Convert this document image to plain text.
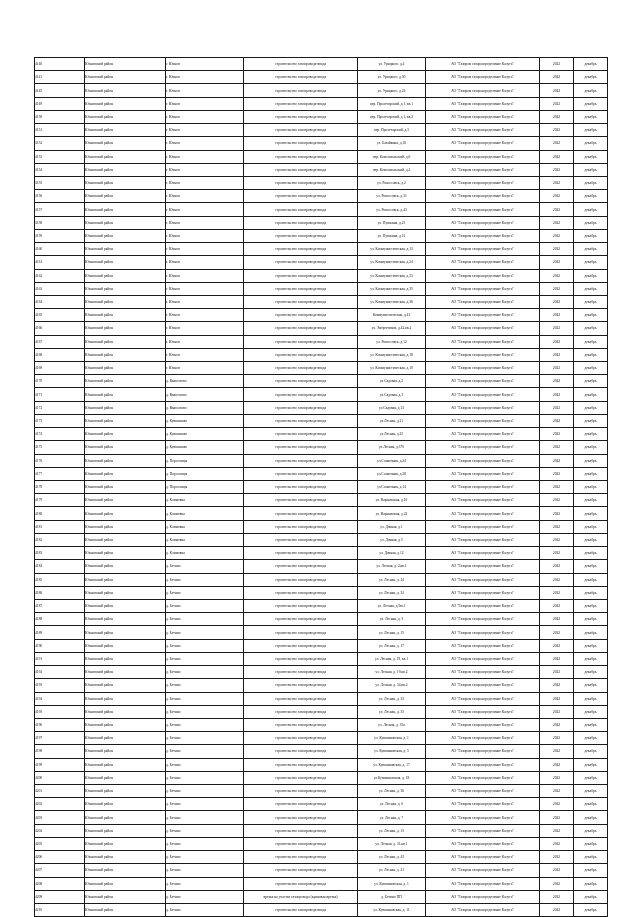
4140	Юхновский район	г. Юхнов	строительство газопровода-ввода	ул. Урицкого, д.4	АО "Газпром газораспределение Калуга"	2022	декабрь
4141	Юхновский район	г. Юхнов	строительство газопровода-ввода	ул. Урицкого, д.30	АО "Газпром газораспределение Калуга"	2022	декабрь
4145	Юхновский район	г. Юхнов	строительство газопровода-ввода	ул. Урицкого, д.24	АО "Газпром газораспределение Калуга"	2022	декабрь
4149	Юхновский район	г. Юхнов	строительство газопровода-ввода	пер. Пролетарский, д.1, кв.1	АО "Газпром газораспределение Калуга"	2022	декабрь
4150	Юхновский район	г. Юхнов	строительство газопровода-ввода	пер. Пролетарский, д.1, кв.2	АО "Газпром газораспределение Калуга"	2022	декабрь
4151	Юхновский район	г. Юхнов	строительство газопровода-ввода	пер. Пролетарский, д.5	АО "Газпром газораспределение Калуга"	2022	декабрь
4152	Юхновский район	г. Юхнов	строительство газопровода-ввода	ул. Базайкина, д.10	АО "Газпром газораспределение Калуга"	2022	декабрь
4153	Юхновский район	г. Юхнов	строительство газопровода-ввода	пер. Комсомольский, д.6	АО "Газпром газораспределение Калуга"	2022	декабрь
4154	Юхновский район	г. Юхнов	строительство газопровода-ввода	пер. Комсомольский, д.2	АО "Газпром газораспределение Калуга"	2022	декабрь
4155	Юхновский район	г. Юхнов	строительство газопровода-ввода	ул. Рокоссовск, д.2	АО "Газпром газораспределение Калуга"	2022	декабрь
4156	Юхновский район	г. Юхнов	строительство газопровода-ввода	ул. Рокоссовск, д.31	АО "Газпром газораспределение Калуга"	2022	декабрь
4157	Юхновский район	г. Юхнов	строительство газопровода-ввода	ул. Рокоссовск, д.43	АО "Газпром газораспределение Калуга"	2022	декабрь
4158	Юхновский район	г. Юхнов	строительство газопровода-ввода	ул. Пушкина, д.21	АО "Газпром газораспределение Калуга"	2022	декабрь
4159	Юхновский район	г. Юхнов	строительство газопровода-ввода	ул. Пушкина, д.12	АО "Газпром газораспределение Калуга"	2022	декабрь
4160	Юхновский район	г. Юхнов	строительство газопровода-ввода	ул. Коммунистическая, д.13	АО "Газпром газораспределение Калуга"	2022	декабрь
4161	Юхновский район	г. Юхнов	строительство газопровода-ввода	ул. Коммунистическая, д.24	АО "Газпром газораспределение Калуга"	2022	декабрь
4162	Юхновский район	г. Юхнов	строительство газопровода-ввода	ул. Коммунистическая, д.33	АО "Газпром газораспределение Калуга"	2022	декабрь
4163	Юхновский район	г. Юхнов	строительство газопровода-ввода	ул. Коммунистическая, д.35	АО "Газпром газораспределение Калуга"	2022	декабрь
4164	Юхновский район	г. Юхнов	строительство газопровода-ввода	ул. Коммунистическая, д.36	АО "Газпром газораспределение Калуга"	2022	декабрь
4165	Юхновский район	г. Юхнов	строительство газопровода-ввода	Коммунистическая, д.41	АО "Газпром газораспределение Калуга"	2022	декабрь
4166	Юхновский район	г. Юхнов	строительство газопровода-ввода	ул. Энергетиков, д.42,кв.2	АО "Газпром газораспределение Калуга"	2022	декабрь
4167	Юхновский район	г. Юхнов	строительство газопровода-ввода	ул. Рокоссовск, д.12	АО "Газпром газораспределение Калуга"	2022	декабрь
4168	Юхновский район	г. Юхнов	строительство газопровода-ввода	ул. Коммунистическая, д.18	АО "Газпром газораспределение Калуга"	2022	декабрь
4169	Юхновский район	г. Юхнов	строительство газопровода-ввода	ул. Коммунистическая, д.10	АО "Газпром газораспределение Калуга"	2022	декабрь
4170	Юхновский район	д. Выползово	строительство газопровода-ввода	ул.Садовая, д.2	АО "Газпром газораспределение Калуга"	2022	декабрь
4171	Юхновский район	д. Выползово	строительство газопровода-ввода	ул.Садовая, д.3	АО "Газпром газораспределение Калуга"	2022	декабрь
4172	Юхновский район	д. Выползово	строительство газопровода-ввода	ул.Садовая, д.13	АО "Газпром газораспределение Калуга"	2022	декабрь
4173	Юхновский район	д. Кувшиново	строительство газопровода-ввода	ул.Лесная, д.21	АО "Газпром газораспределение Калуга"	2022	декабрь
4174	Юхновский район	д. Кувшиново	строительство газопровода-ввода	ул.Лесная, д.25	АО "Газпром газораспределение Калуга"	2022	декабрь
4175	Юхновский район	д. Кувшиново	строительство газопровода-ввода	ул.Лесная, д.37б	АО "Газпром газораспределение Калуга"	2022	декабрь
4176	Юхновский район	д. Порослицы	строительство газопровода-ввода	ул.Солнечная, д.24	АО "Газпром газораспределение Калуга"	2022	декабрь
4177	Юхновский район	д. Порослицы	строительство газопровода-ввода	ул.Солнечная, д.28	АО "Газпром газораспределение Калуга"	2022	декабрь
4178	Юхновский район	д. Порослицы	строительство газопровода-ввода	ул.Солнечная, д.14	АО "Газпром газораспределение Калуга"	2022	декабрь
4179	Юхновский район	д. Климовка	строительство газопровода-ввода	ул. Варшавская, д.16	АО "Газпром газораспределение Калуга"	2022	декабрь
4180	Юхновский район	д. Климовка	строительство газопровода-ввода	ул. Варшавская, д.22	АО "Газпром газораспределение Калуга"	2022	декабрь
4181	Юхновский район	д. Климовка	строительство газопровода-ввода	ул. Дачная, д.1	АО "Газпром газораспределение Калуга"	2022	декабрь
4182	Юхновский район	д. Климовка	строительство газопровода-ввода	ул. Дачная, д.5	АО "Газпром газораспределение Калуга"	2022	декабрь
4183	Юхновский район	д. Климовка	строительство газопровода-ввода	ул. Дачная, д.12	АО "Газпром газораспределение Калуга"	2022	декабрь
4184	Юхновский район	д. Бетино	строительство газопровода-ввода	ул. Лесная, д. 2,кв.1	АО "Газпром газораспределение Калуга"	2022	декабрь
4185	Юхновский район	д. Бетино	строительство газопровода-ввода	ул. Лесная, д. 24	АО "Газпром газораспределение Калуга"	2022	декабрь
4186	Юхновский район	д. Бетино	строительство газопровода-ввода	ул. Лесная, д. 32	АО "Газпром газораспределение Калуга"	2022	декабрь
4187	Юхновский район	д. Бетино	строительство газопровода-ввода	ул. Лесная, д.5вс1	АО "Газпром газораспределение Калуга"	2022	декабрь
4188	Юхновский район	д. Бетино	строительство газопровода-ввода	ул. Лесная, д. 5	АО "Газпром газораспределение Калуга"	2022	декабрь
4189	Юхновский район	д. Бетино	строительство газопровода-ввода	ул. Лесная, д. 15	АО "Газпром газораспределение Калуга"	2022	декабрь
4190	Юхновский район	д. Бетино	строительство газопровода-ввода	ул. Лесная, д. 17	АО "Газпром газораспределение Калуга"	2022	декабрь
4191	Юхновский район	д. Бетино	строительство газопровода-ввода	ул. Лесная, д. 19, кв.1	АО "Газпром газораспределение Калуга"	2022	декабрь
4192	Юхновский район	д. Бетино	строительство газопровода-ввода	ул. Лесная, д. 19,кв.2	АО "Газпром газораспределение Калуга"	2022	декабрь
4193	Юхновский район	д. Бетино	строительство газопровода-ввода	ул. Лесная, д. 34,кв.2	АО "Газпром газораспределение Калуга"	2022	декабрь
4194	Юхновский район	д. Бетино	строительство газопровода-ввода	ул. Лесная, д. 33	АО "Газпром газораспределение Калуга"	2022	декабрь
4195	Юхновский район	д. Бетино	строительство газопровода-ввода	ул. Лесная, д. 35	АО "Газпром газораспределение Калуга"	2022	декабрь
4196	Юхновский район	д. Бетино	строительство газопровода-ввода	ул. Лесная, д. 35а	АО "Газпром газораспределение Калуга"	2022	декабрь
4197	Юхновский район	д. Бетино	строительство газопровода-ввода	ул. Кувшиновская, д. 1	АО "Газпром газораспределение Калуга"	2022	декабрь
4198	Юхновский район	д. Бетино	строительство газопровода-ввода	ул. Кувшиновская, д. 5	АО "Газпром газораспределение Калуга"	2022	декабрь
4199	Юхновский район	д. Бетино	строительство газопровода-ввода	ул. Кувшиновская, д. 17	АО "Газпром газораспределение Калуга"	2022	декабрь
4200	Юхновский район	д. Бетино	строительство газопровода-ввода	ул.Кувшиновская, д. 18	АО "Газпром газораспределение Калуга"	2022	декабрь
4201	Юхновский район	д. Бетино	строительство газопровода-ввода	ул. Лесная, д. 36	АО "Газпром газораспределение Калуга"	2022	декабрь
4202	Юхновский район	д. Бетино	строительство газопровода-ввода	ул. Лесная, д. 6	АО "Газпром газораспределение Калуга"	2022	декабрь
4203	Юхновский район	д. Бетино	строительство газопровода-ввода	ул. Лесная, д. 7	АО "Газпром газораспределение Калуга"	2022	декабрь
4204	Юхновский район	д. Бетино	строительство газопровода-ввода	ул. Лесная, д. 13	АО "Газпром газораспределение Калуга"	2022	декабрь
4205	Юхновский район	д. Бетино	строительство газопровода-ввода	ул. Лесная, д. 31,кв.1	АО "Газпром газораспределение Калуга"	2022	декабрь
4206	Юхновский район	д. Бетино	строительство газопровода-ввода	ул. Лесная, д. 43	АО "Газпром газораспределение Калуга"	2022	декабрь
4207	Юхновский район	д. Бетино	строительство газопровода-ввода	ул. Лесная, д. 41	АО "Газпром газораспределение Калуга"	2022	декабрь
4208	Юхновский район	д. Бетино	строительство газопровода-ввода	ул. Кувшиновская, д. 1	АО "Газпром газораспределение Калуга"	2022	декабрь
4209	Юхновский район	д. Бетино	врезка на участке газопровода (крановая врезка)	д. Бетино ПП	АО "Газпром газораспределение Калуга"	2022	декабрь
4210	Юхновский район	д. Бетино	строительство газопровода-ввода	ул. Кувшиновская, д. 11	АО "Газпром газораспределение Калуга"	2022	декабрь
